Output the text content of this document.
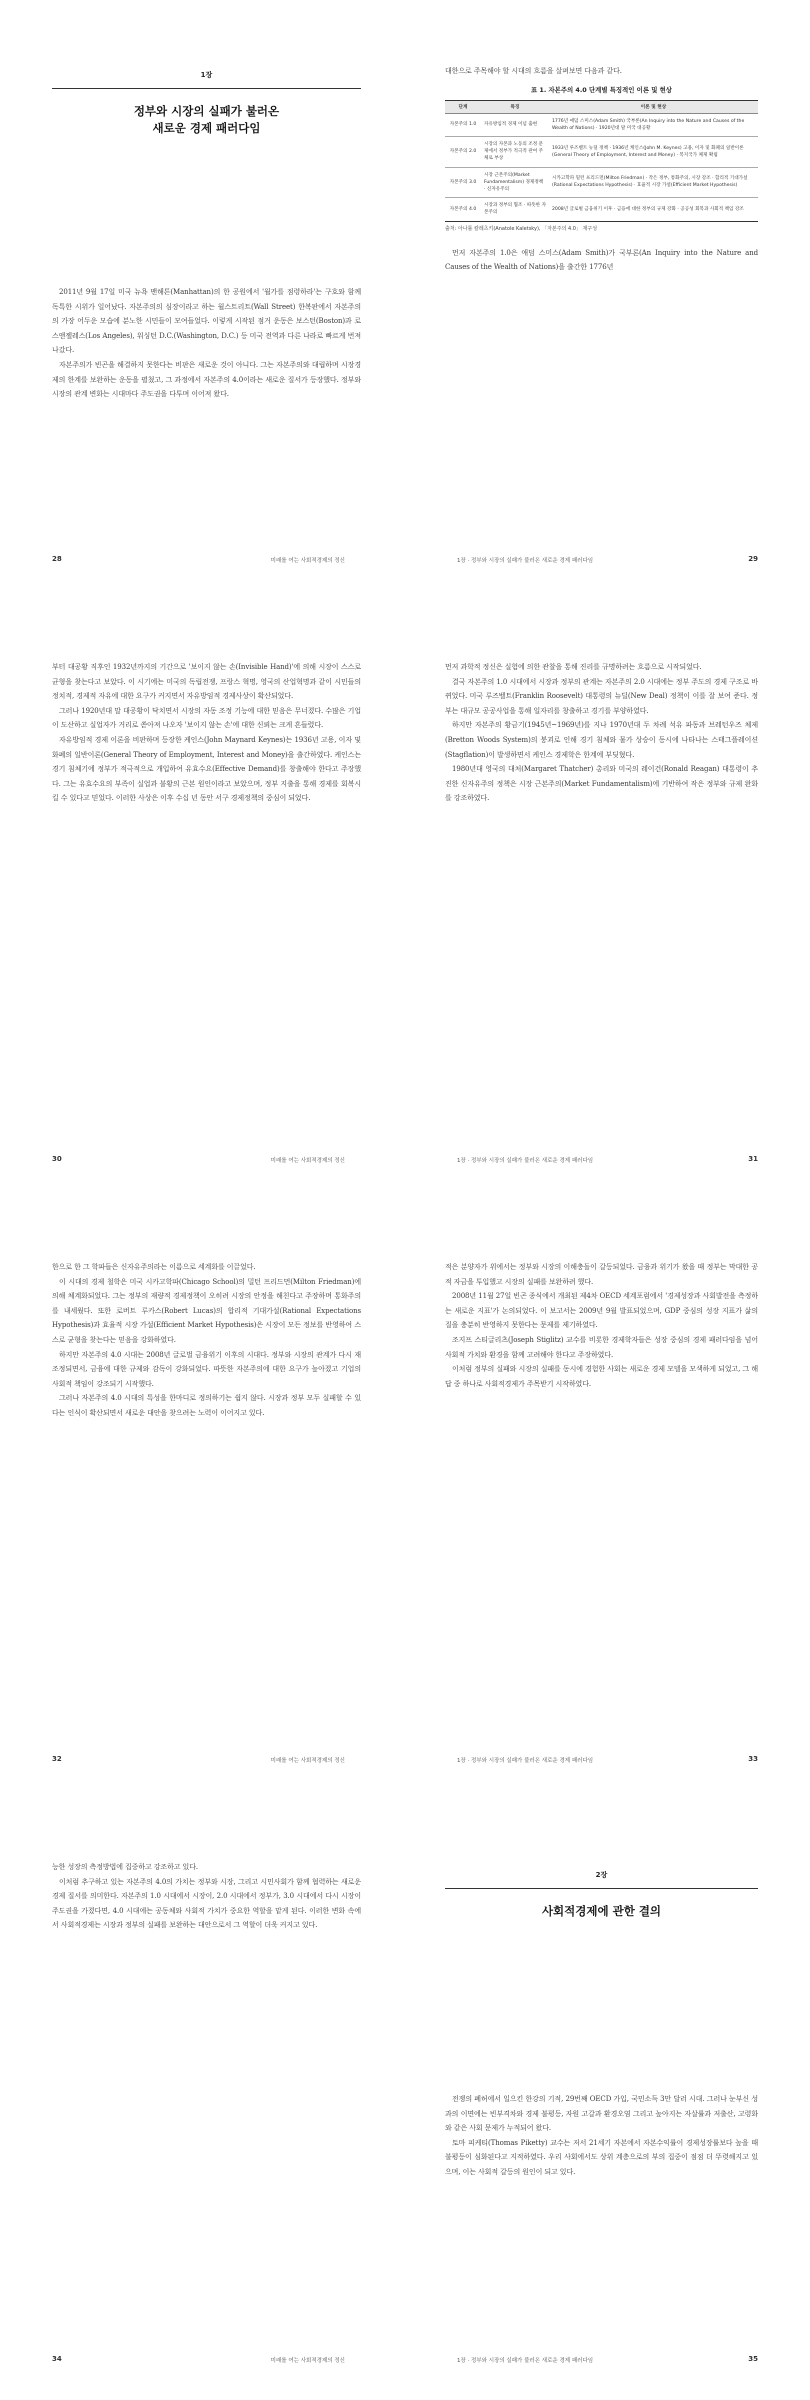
1장
정부와 시장의 실패가 불러온
새로운 경제 패러다임

2011년 9월 17일 미국 뉴욕 맨해튼(Manhattan)의 한 공원에서 '월가를 점령하라'는 구호와 함께 독특한 시위가 일어났다. 자본주의의 심장이라고 하는 월스트리트(Wall Street) 한복판에서 자본주의의 가장 어두운 모습에 분노한 시민들이 모여들었다. 이렇게 시작된 점거 운동은 보스턴(Boston)과 로스앤젤레스(Los Angeles), 워싱턴 D.C.(Washington, D.C.) 등 미국 전역과 다른 나라로 빠르게 번져 나갔다.

자본주의가 빈곤을 해결하지 못한다는 비판은 새로운 것이 아니다. 그는 자본주의와 대립하며 시장경제의 한계를 보완하는 운동을 펼쳤고, 그 과정에서 자본주의 4.0이라는 새로운 질서가 등장했다. 정부와 시장의 관계 변화는 시대마다 주도권을 다투며 이어져 왔다.

28	미래를 여는 사회적경제의 정신

대한으로 주목해야 할 시대의 흐름을 살펴보면 다음과 같다.

표 1. 자본주의 4.0 단계별 특징적인 이론 및 현상
단계	특징	이론 및 현상
자본주의 1.0	자유방임적 경제 이념 출현	1776년 애덤 스미스(Adam Smith) 국부론(An Inquiry into the Nature and Causes of the Wealth of Nations) · 1920년대 말 미국 대공황
자본주의 2.0	시장의 자본과 노동의 조정 문제에서 정부가 적극적 관여 주체로 부상	1933년 루즈벨트 뉴딜 정책 · 1936년 케인스(John M. Keynes) 고용, 이자 및 화폐의 일반이론(General Theory of Employment, Interest and Money) · 복지국가 체제 확립
자본주의 3.0	시장 근본주의(Market Fundamentalism) 경제정책 · 신자유주의	시카고학파 밀턴 프리드먼(Milton Friedman) · 작은 정부, 통화주의, 시장 강조 · 합리적 기대가설(Rational Expectations Hypothesis) · 효율적 시장 가설(Efficient Market Hypothesis)
자본주의 4.0	시장과 정부의 협조 · 따뜻한 자본주의	2008년 글로벌 금융위기 이후 · 금융에 대한 정부의 규제 강화 · 공공성 회복과 사회적 책임 강조
출처: 아나톨 칼레츠키(Anatole Kaletsky), 「자본주의 4.0」 재구성

먼저 자본주의 1.0은 애덤 스미스(Adam Smith)가 국부론(An Inquiry into the Nature and Causes of the Wealth of Nations)을 출간한 1776년

1장 · 정부와 시장의 실패가 불러온 새로운 경제 패러다임	29

부터 대공황 직후인 1932년까지의 기간으로 '보이지 않는 손(Invisible Hand)'에 의해 시장이 스스로 균형을 찾는다고 보았다. 이 시기에는 미국의 독립전쟁, 프랑스 혁명, 영국의 산업혁명과 같이 시민들의 정치적, 경제적 자유에 대한 요구가 커지면서 자유방임적 경제사상이 확산되었다.

그러나 1920년대 말 대공황이 닥치면서 시장의 자동 조정 기능에 대한 믿음은 무너졌다. 수많은 기업이 도산하고 실업자가 거리로 쏟아져 나오자 '보이지 않는 손'에 대한 신뢰는 크게 흔들렸다.

자유방임적 경제 이론을 비판하며 등장한 케인스(John Maynard Keynes)는 1936년 고용, 이자 및 화폐의 일반이론(General Theory of Employment, Interest and Money)을 출간하였다. 케인스는 경기 침체기에 정부가 적극적으로 개입하여 유효수요(Effective Demand)를 창출해야 한다고 주장했다. 그는 유효수요의 부족이 실업과 불황의 근본 원인이라고 보았으며, 정부 지출을 통해 경제를 회복시킬 수 있다고 믿었다. 이러한 사상은 이후 수십 년 동안 서구 경제정책의 중심이 되었다.

30	미래를 여는 사회적경제의 정신

먼저 과학적 정신은 실험에 의한 관찰을 통해 진리를 규명하려는 흐름으로 시작되었다.

결국 자본주의 1.0 시대에서 시장과 정부의 관계는 자본주의 2.0 시대에는 정부 주도의 경제 구조로 바뀌었다. 미국 루즈벨트(Franklin Roosevelt) 대통령의 뉴딜(New Deal) 정책이 이를 잘 보여 준다. 정부는 대규모 공공사업을 통해 일자리를 창출하고 경기를 부양하였다.

하지만 자본주의 황금기(1945년~1969년)를 지나 1970년대 두 차례 석유 파동과 브레턴우즈 체제(Bretton Woods System)의 붕괴로 인해 경기 침체와 물가 상승이 동시에 나타나는 스태그플레이션(Stagflation)이 발생하면서 케인스 경제학은 한계에 부딪혔다.

1980년대 영국의 대처(Margaret Thatcher) 총리와 미국의 레이건(Ronald Reagan) 대통령이 추진한 신자유주의 정책은 시장 근본주의(Market Fundamentalism)에 기반하여 작은 정부와 규제 완화를 강조하였다.

1장 · 정부와 시장의 실패가 불러온 새로운 경제 패러다임	31

한으로 한 그 학파들은 신자유주의라는 이름으로 세계화를 이끌었다.

이 시대의 경제 철학은 미국 시카고학파(Chicago School)의 밀턴 프리드먼(Milton Friedman)에 의해 체계화되었다. 그는 정부의 재량적 경제정책이 오히려 시장의 안정을 해친다고 주장하며 통화주의를 내세웠다. 또한 로버트 루카스(Robert Lucas)의 합리적 기대가설(Rational Expectations Hypothesis)과 효율적 시장 가설(Efficient Market Hypothesis)은 시장이 모든 정보를 반영하여 스스로 균형을 찾는다는 믿음을 강화하였다.

하지만 자본주의 4.0 시대는 2008년 글로벌 금융위기 이후의 시대다. 정부와 시장의 관계가 다시 재조정되면서, 금융에 대한 규제와 감독이 강화되었다. 따뜻한 자본주의에 대한 요구가 높아졌고 기업의 사회적 책임이 강조되기 시작했다.

그러나 자본주의 4.0 시대의 특성을 한마디로 정의하기는 쉽지 않다. 시장과 정부 모두 실패할 수 있다는 인식이 확산되면서 새로운 대안을 찾으려는 노력이 이어지고 있다.

32	미래를 여는 사회적경제의 정신

적은 분양자가 위에서는 정부와 시장의 이해충돌이 갈등되었다. 금융과 위기가 왔을 때 정부는 막대한 공적 자금을 투입했고 시장의 실패를 보완하려 했다.

2008년 11월 27일 빈곤 종식에서 개최된 제4차 OECD 세계포럼에서 '경제성장과 사회발전을 측정하는 새로운 지표'가 논의되었다. 이 보고서는 2009년 9월 발표되었으며, GDP 중심의 성장 지표가 삶의 질을 충분히 반영하지 못한다는 문제를 제기하였다.

조지프 스티글리츠(Joseph Stiglitz) 교수를 비롯한 경제학자들은 성장 중심의 경제 패러다임을 넘어 사회적 가치와 환경을 함께 고려해야 한다고 주장하였다.

이처럼 정부의 실패와 시장의 실패를 동시에 경험한 사회는 새로운 경제 모델을 모색하게 되었고, 그 해답 중 하나로 사회적경제가 주목받기 시작하였다.

1장 · 정부와 시장의 실패가 불러온 새로운 경제 패러다임	33

능한 성장의 측정방법에 집중하고 강조하고 있다.

이처럼 추구하고 있는 자본주의 4.0의 가치는 정부와 시장, 그리고 시민사회가 함께 협력하는 새로운 경제 질서를 의미한다. 자본주의 1.0 시대에서 시장이, 2.0 시대에서 정부가, 3.0 시대에서 다시 시장이 주도권을 가졌다면, 4.0 시대에는 공동체와 사회적 가치가 중요한 역할을 맡게 된다. 이러한 변화 속에서 사회적경제는 시장과 정부의 실패를 보완하는 대안으로서 그 역할이 더욱 커지고 있다.

34	미래를 여는 사회적경제의 정신
2장
사회적경제에 관한 결의

전쟁의 폐허에서 일으킨 한강의 기적, 29번째 OECD 가입, 국민소득 3만 달러 시대. 그러나 눈부신 성과의 이면에는 빈부격차와 경제 불평등, 자원 고갈과 환경오염 그리고 높아지는 자살률과 저출산, 고령화와 같은 사회 문제가 누적되어 왔다.

토마 피케티(Thomas Piketty) 교수는 저서 21세기 자본에서 자본수익률이 경제성장률보다 높을 때 불평등이 심화된다고 지적하였다. 우리 사회에서도 상위 계층으로의 부의 집중이 점점 더 뚜렷해지고 있으며, 이는 사회적 갈등의 원인이 되고 있다.

1장 · 정부와 시장의 실패가 불러온 새로운 경제 패러다임	35
